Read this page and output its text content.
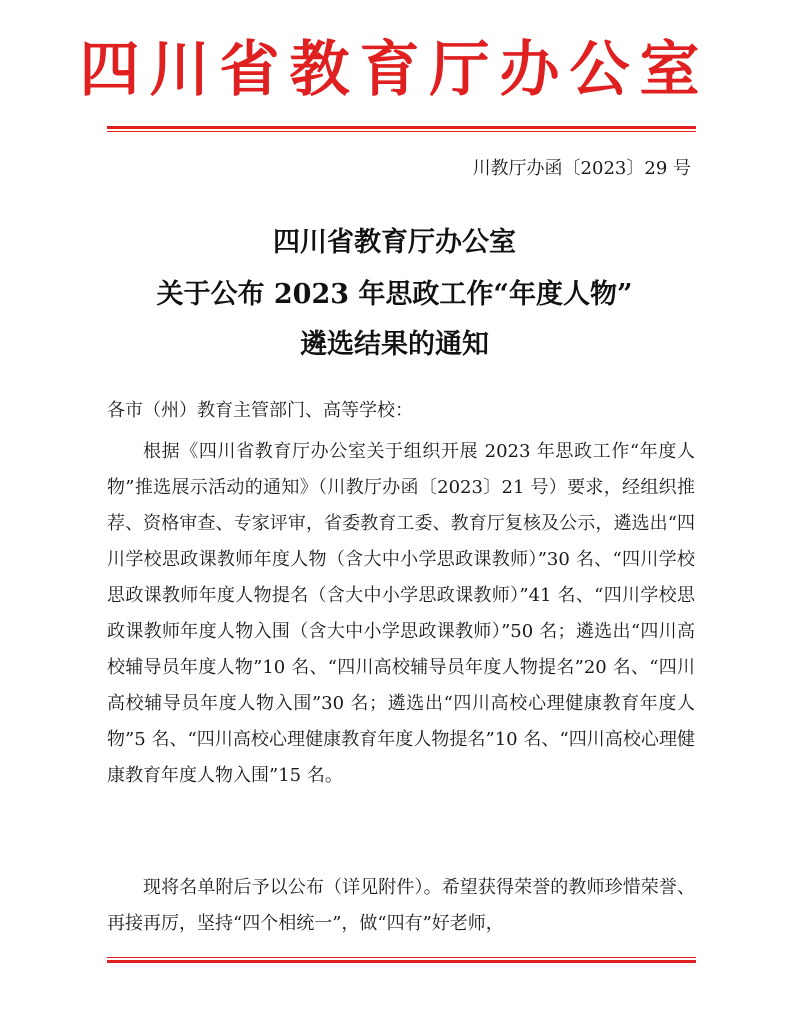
四川省教育厅办公室
川教厅办函〔2023〕29 号
四川省教育厅办公室
关于公布 2023 年思政工作“年度人物”
遴选结果的通知
各市（州）教育主管部门、高等学校：
根据《四川省教育厅办公室关于组织开展 2023 年思政工作“年度人物”推选展示活动的通知》（川教厅办函〔2023〕21 号）要求，经组织推荐、资格审查、专家评审，省委教育工委、教育厅复核及公示，遴选出“四川学校思政课教师年度人物（含大中小学思政课教师）”30 名、“四川学校思政课教师年度人物提名（含大中小学思政课教师）”41 名、“四川学校思政课教师年度人物入围（含大中小学思政课教师）”50 名；遴选出“四川高校辅导员年度人物”10 名、“四川高校辅导员年度人物提名”20 名、“四川高校辅导员年度人物入围”30 名；遴选出“四川高校心理健康教育年度人物”5 名、“四川高校心理健康教育年度人物提名”10 名、“四川高校心理健康教育年度人物入围”15 名。
现将名单附后予以公布（详见附件）。希望获得荣誉的教师珍惜荣誉、再接再厉，坚持“四个相统一”，做“四有”好老师，
